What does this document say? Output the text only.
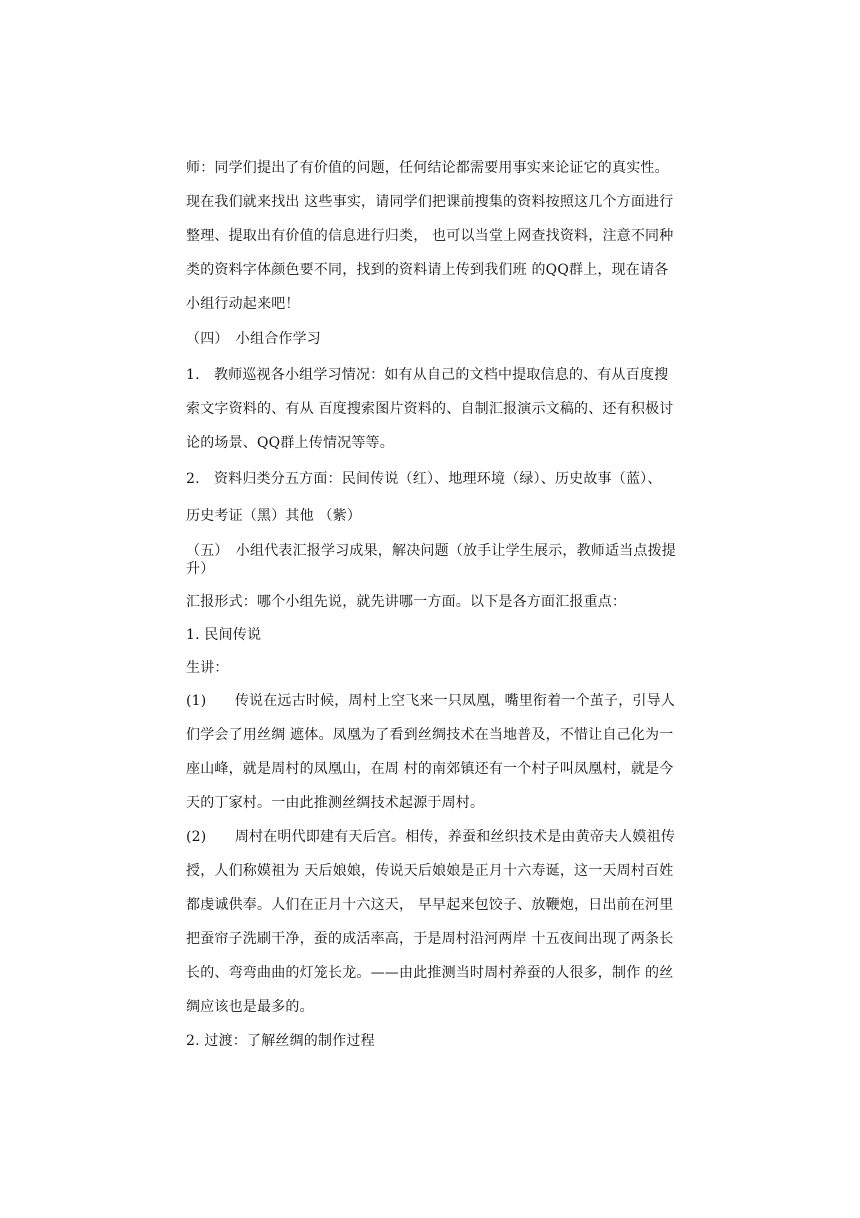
师：同学们提出了有价值的问题，任何结论都需要用事实来论证它的真实性。
现在我们就来找出 这些事实，请同学们把课前搜集的资料按照这几个方面进行
整理、提取出有价值的信息进行归类， 也可以当堂上网查找资料，注意不同种
类的资料字体颜色要不同，找到的资料请上传到我们班 的QQ群上，现在请各
小组行动起来吧！
（四）　小组合作学习
1.　教师巡视各小组学习情况：如有从自己的文档中提取信息的、有从百度搜
索文字资料的、有从 百度搜索图片资料的、自制汇报演示文稿的、还有积极讨
论的场景、QQ群上传情况等等。
2.　资料归类分五方面：民间传说（红）、地理环境（绿）、历史故事（蓝）、
历史考证（黑）其他 （紫）
（五）　小组代表汇报学习成果，解决问题（放手让学生展示，教师适当点拨提
升）
汇报形式：哪个小组先说，就先讲哪一方面。以下是各方面汇报重点：
1. 民间传说
生讲：
(1)　　传说在远古时候，周村上空飞来一只凤凰，嘴里衔着一个茧子，引导人
们学会了用丝绸 遮体。凤凰为了看到丝绸技术在当地普及，不惜让自己化为一
座山峰，就是周村的凤凰山，在周 村的南郊镇还有一个村子叫凤凰村，就是今
天的丁家村。一由此推测丝绸技术起源于周村。
(2)　　周村在明代即建有天后宫。相传，养蚕和丝织技术是由黄帝夫人嫫祖传
授，人们称嫫祖为 天后娘娘，传说天后娘娘是正月十六寿诞，这一天周村百姓
都虔诚供奉。人们在正月十六这天， 早早起来包饺子、放鞭炮，日出前在河里
把蚕帘子洗刷干净，蚕的成活率高，于是周村沿河两岸 十五夜间出现了两条长
长的、弯弯曲曲的灯笼长龙。——由此推测当时周村养蚕的人很多，制作 的丝
绸应该也是最多的。
2. 过渡：了解丝绸的制作过程
